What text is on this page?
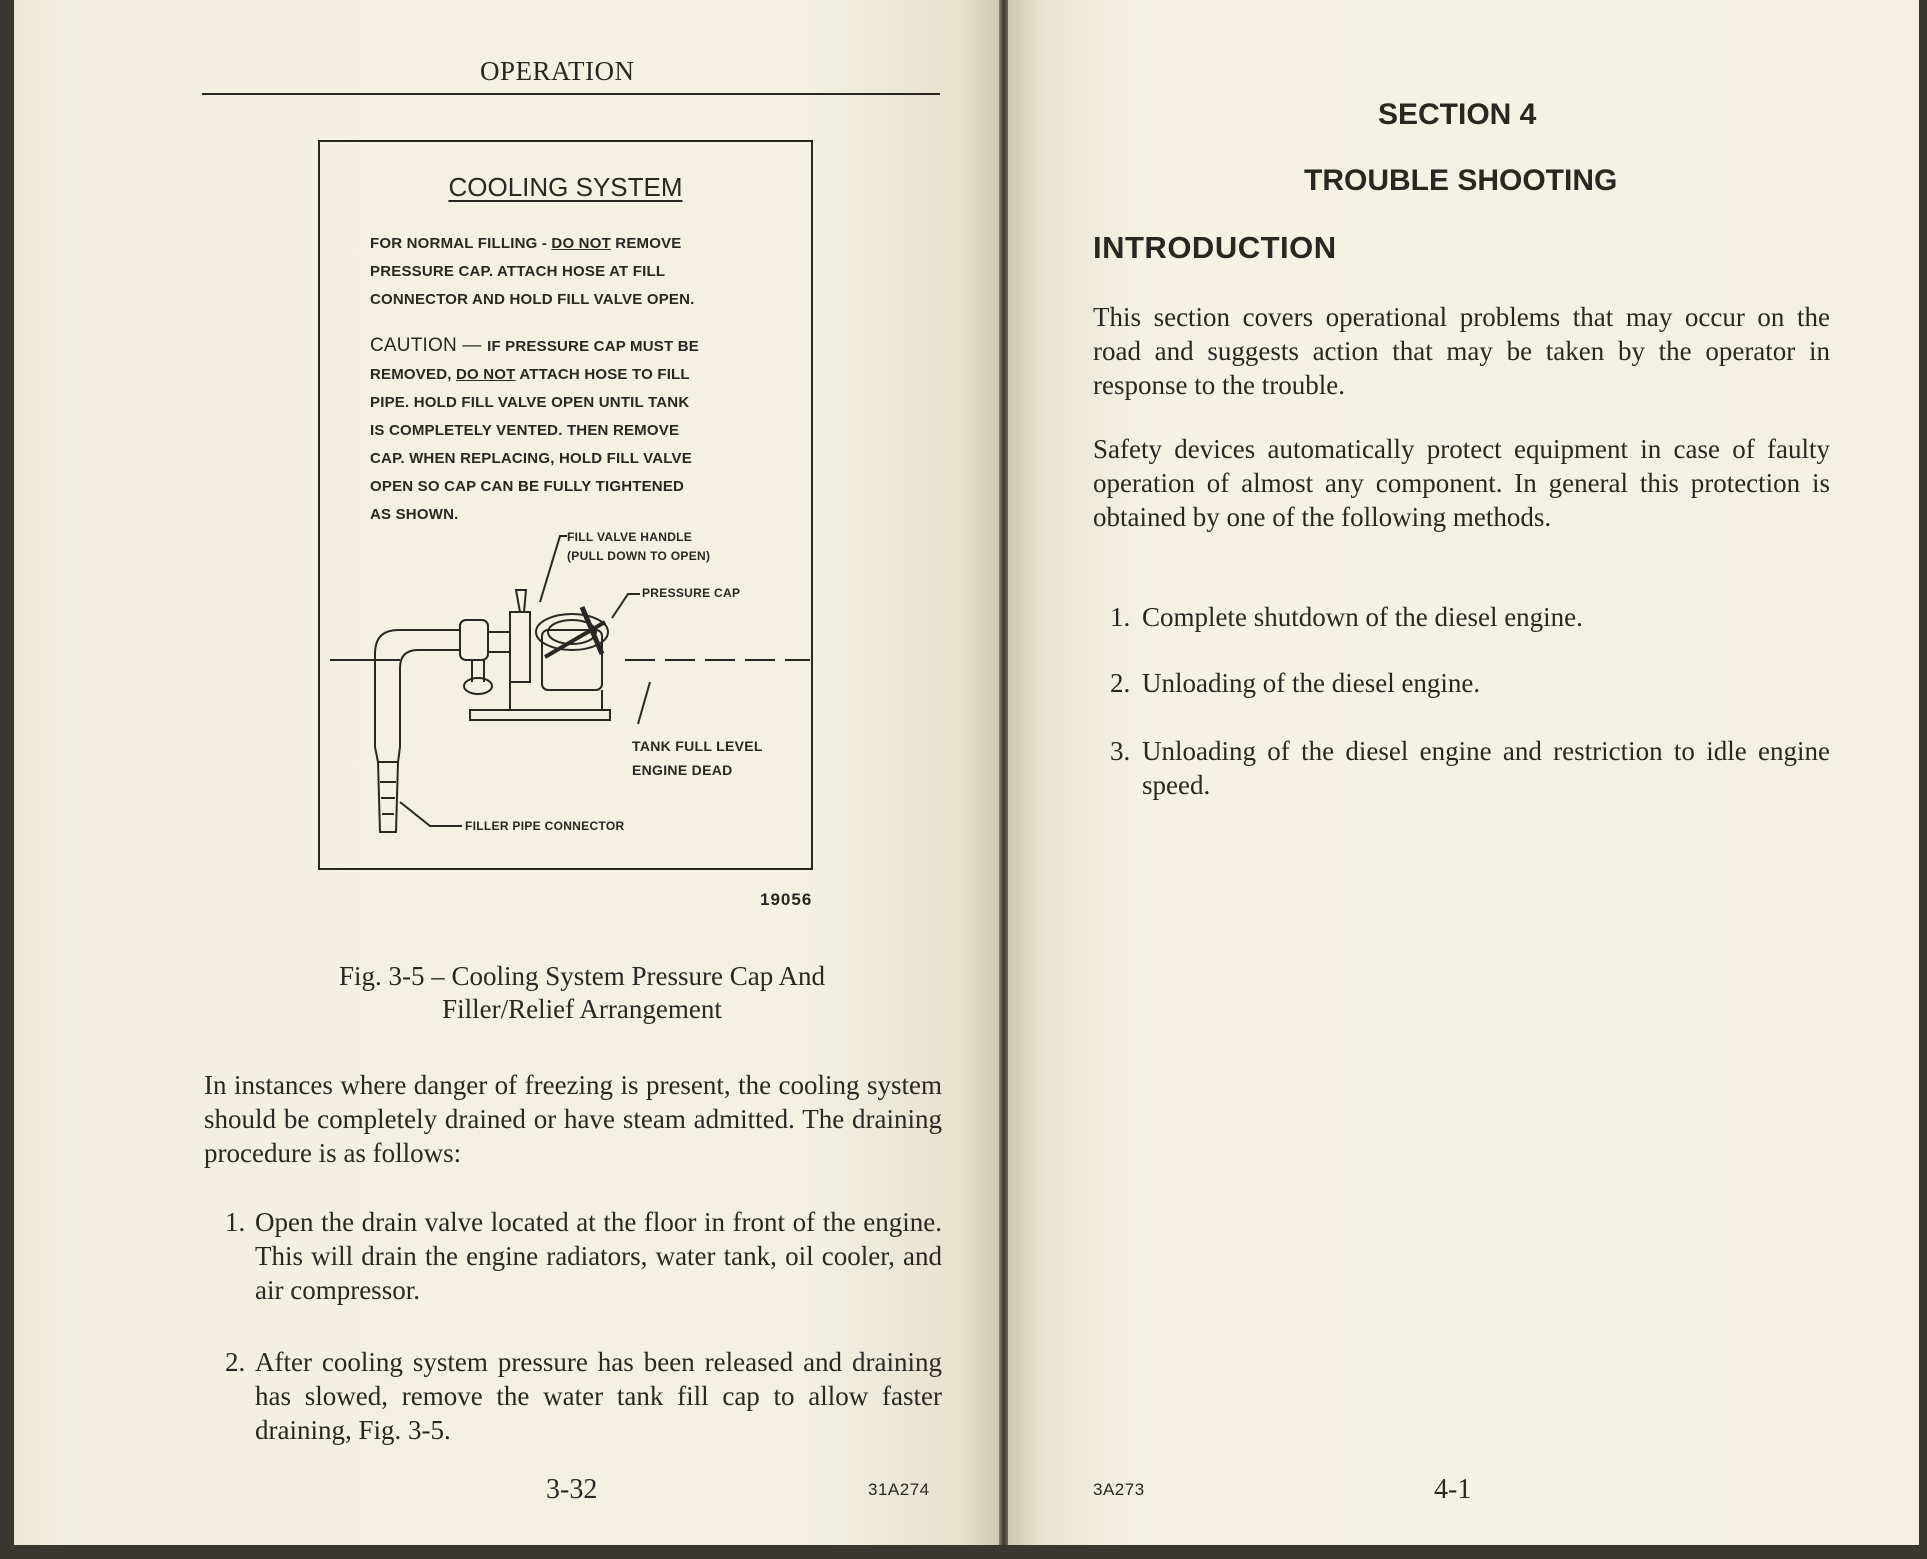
OPERATION
COOLING SYSTEM
FOR NORMAL FILLING - DO NOT REMOVE
PRESSURE CAP. ATTACH HOSE AT FILL
CONNECTOR AND HOLD FILL VALVE OPEN.
CAUTION — IF PRESSURE CAP MUST BE
REMOVED, DO NOT ATTACH HOSE TO FILL
PIPE. HOLD FILL VALVE OPEN UNTIL TANK
IS COMPLETELY VENTED. THEN REMOVE
CAP. WHEN REPLACING, HOLD FILL VALVE
OPEN SO CAP CAN BE FULLY TIGHTENED
AS SHOWN.
FILL VALVE HANDLE
(PULL DOWN TO OPEN)
PRESSURE CAP
TANK FULL LEVEL
ENGINE DEAD
FILLER PIPE CONNECTOR
19056
Fig. 3-5 – Cooling System Pressure Cap And
Filler/Relief Arrangement
In instances where danger of freezing is present, the cooling system should be completely drained or have steam admitted. The draining procedure is as follows:
1. Open the drain valve located at the floor in front of the engine. This will drain the engine radiators, water tank, oil cooler, and air compressor.
2. After cooling system pressure has been released and draining has slowed, remove the water tank fill cap to allow faster draining, Fig. 3-5.
3-32	31A274
SECTION 4
TROUBLE SHOOTING
INTRODUCTION
This section covers operational problems that may occur on the road and suggests action that may be taken by the operator in response to the trouble.
Safety devices automatically protect equipment in case of faulty operation of almost any component. In general this protection is obtained by one of the following methods.
1. Complete shutdown of the diesel engine.
2. Unloading of the diesel engine.
3. Unloading of the diesel engine and restriction to idle engine speed.
3A273	4-1
